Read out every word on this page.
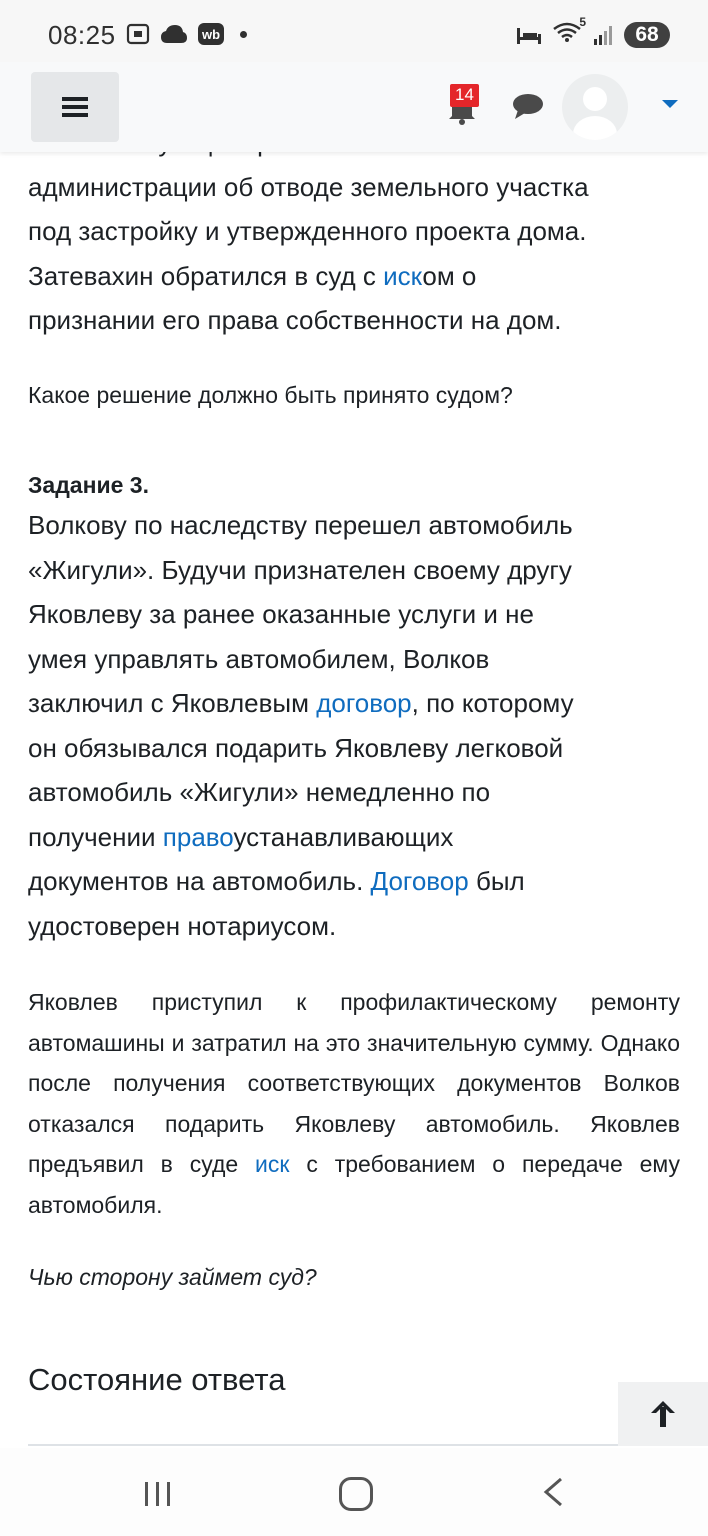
08:25	wb
5
68
14

администрации об отводе земельного участка
под застройку и утвержденного проекта дома.
Затевахин обратился в суд с иском о
признании его права собственности на дом.

Какое решение должно быть принято судом?

Задание 3.

Волкову по наследству перешел автомобиль
«Жигули». Будучи признателен своему другу
Яковлеву за ранее оказанные услуги и не
умея управлять автомобилем, Волков
заключил с Яковлевым договор, по которому
он обязывался подарить Яковлеву легковой
автомобиль «Жигули» немедленно по
получении правоустанавливающих
документов на автомобиль. Договор был
удостоверен нотариусом.

Яковлев приступил к профилактическому ремонту автомашины и затратил на это значительную сумму. Однако после получения соответствующих документов Волков отказался подарить Яковлеву автомобиль. Яковлев предъявил в суде иск с требованием о передаче ему автомобиля.

Чью сторону займет суд?

Состояние ответа
